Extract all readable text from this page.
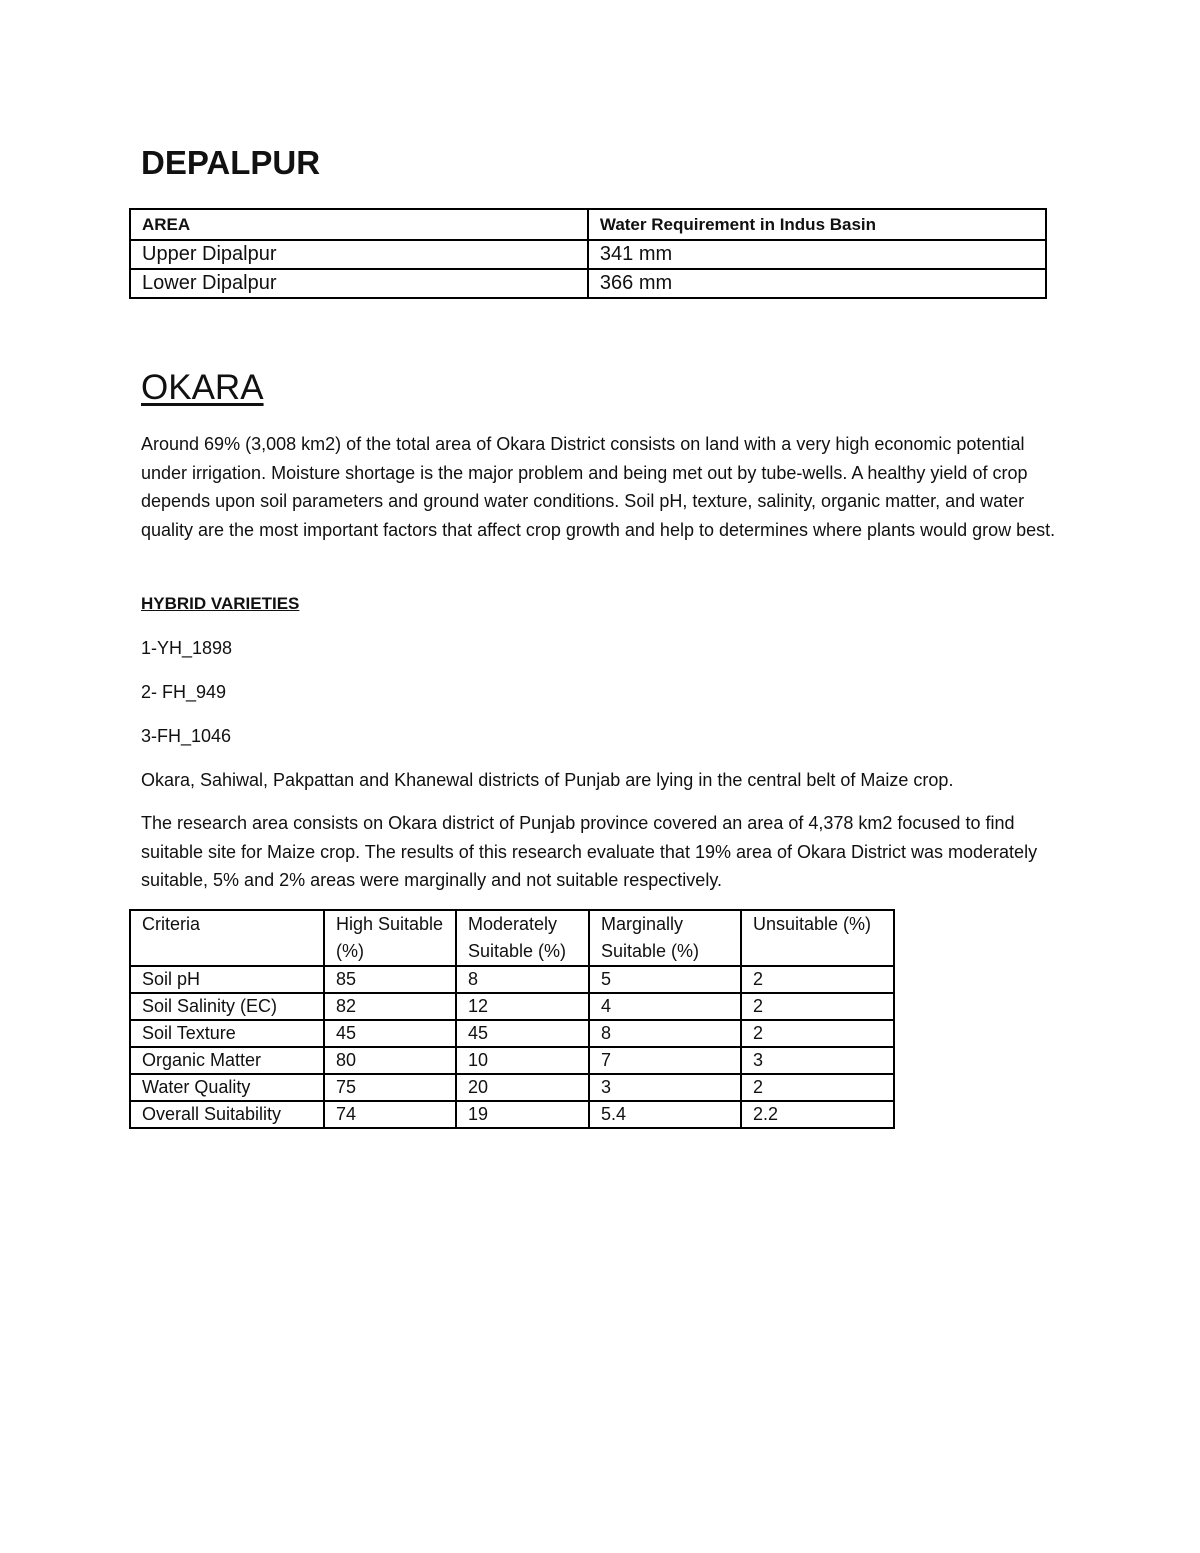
DEPALPUR
AREA	Water Requirement in Indus Basin
Upper Dipalpur	341 mm
Lower Dipalpur	366 mm
OKARA

Around 69% (3,008 km2) of the total area of Okara District consists on land with a very high economic potential under irrigation. Moisture shortage is the major problem and being met out by tube-wells. A healthy yield of crop depends upon soil parameters and ground water conditions. Soil pH, texture, salinity, organic matter, and water quality are the most important factors that affect crop growth and help to determines where plants would grow best.

HYBRID VARIETIES

1-YH_1898

2- FH_949

3-FH_1046

Okara, Sahiwal, Pakpattan and Khanewal districts of Punjab are lying in the central belt of Maize crop.

The research area consists on Okara district of Punjab province covered an area of 4,378 km2 focused to find suitable site for Maize crop. The results of this research evaluate that 19% area of Okara District was moderately suitable, 5% and 2% areas were marginally and not suitable respectively.

Criteria	High Suitable (%)	Moderately Suitable (%)	Marginally Suitable (%)	Unsuitable (%)
Soil pH	85	8	5	2
Soil Salinity (EC)	82	12	4	2
Soil Texture	45	45	8	2
Organic Matter	80	10	7	3
Water Quality	75	20	3	2
Overall Suitability	74	19	5.4	2.2
